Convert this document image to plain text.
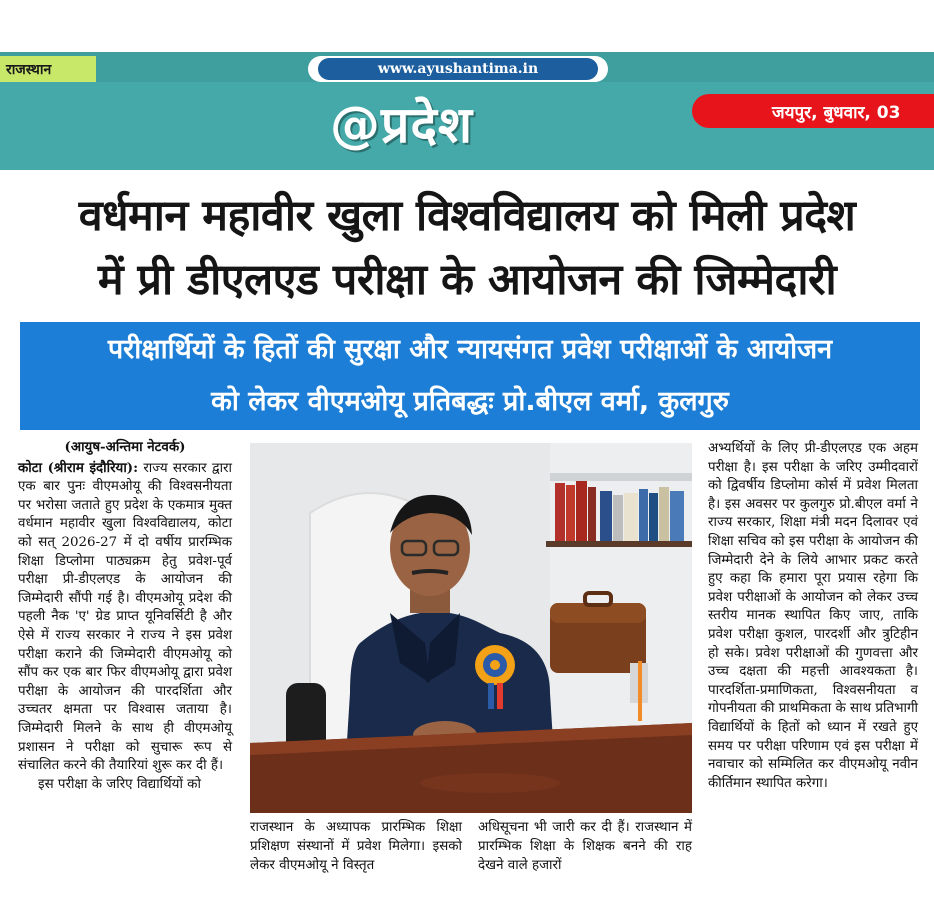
राजस्थान	www.ayushantima.in
@प्रदेश	जयपुर, बुधवार, 03
वर्धमान महावीर खुला विश्वविद्यालय को मिली प्रदेश
में प्री डीएलएड परीक्षा के आयोजन की जिम्मेदारी
परीक्षार्थियों के हितों की सुरक्षा और न्यायसंगत प्रवेश परीक्षाओं के आयोजन
को लेकर वीएमओयू प्रतिबद्धः प्रो.बीएल वर्मा, कुलगुरु
(आयुष-अन्तिमा नेटवर्क)

कोटा (श्रीराम इंदौरिया): राज्य सरकार द्वारा एक बार पुनः वीएमओयू की विश्वसनीयता पर भरोसा जताते हुए प्रदेश के एकमात्र मुक्त वर्धमान महावीर खुला विश्वविद्यालय, कोटा को सत् 2026-27 में दो वर्षीय प्रारम्भिक शिक्षा डिप्लोमा पाठ्यक्रम हेतु प्रवेश-पूर्व परीक्षा प्री-डीएलएड के आयोजन की जिम्मेदारी सौंपी गई है। वीएमओयू प्रदेश की पहली नैक 'ए' ग्रेड प्राप्त यूनिवर्सिटी है और ऐसे में राज्य सरकार ने राज्य ने इस प्रवेश परीक्षा कराने की जिम्मेदारी वीएमओयू को सौंप कर एक बार फिर वीएमओयू द्वारा प्रवेश परीक्षा के आयोजन की पारदर्शिता और उच्चतर क्षमता पर विश्वास जताया है। जिम्मेदारी मिलने के साथ ही वीएमओयू प्रशासन ने परीक्षा को सुचारू रूप से संचालित करने की तैयारियां शुरू कर दी हैं।

इस परीक्षा के जरिए विद्यार्थियों को

राजस्थान के अध्यापक प्रारम्भिक शिक्षा प्रशिक्षण संस्थानों में प्रवेश मिलेगा। इसको लेकर वीएमओयू ने विस्तृत
अधिसूचना भी जारी कर दी हैं। राजस्थान में प्रारम्भिक शिक्षा के शिक्षक बनने की राह देखने वाले हजारों

अभ्यर्थियों के लिए प्री-डीएलएड एक अहम परीक्षा है। इस परीक्षा के जरिए उम्मीदवारों को द्विवर्षीय डिप्लोमा कोर्स में प्रवेश मिलता है। इस अवसर पर कुलगुरु प्रो.बीएल वर्मा ने राज्य सरकार, शिक्षा मंत्री मदन दिलावर एवं शिक्षा सचिव को इस परीक्षा के आयोजन की जिम्मेदारी देने के लिये आभार प्रकट करते हुए कहा कि हमारा पूरा प्रयास रहेगा कि प्रवेश परीक्षाओं के आयोजन को लेकर उच्च स्तरीय मानक स्थापित किए जाए, ताकि प्रवेश परीक्षा कुशल, पारदर्शी और त्रुटिहीन हो सके। प्रवेश परीक्षाओं की गुणवत्ता और उच्च दक्षता की महत्ती आवश्यकता है। पारदर्शिता-प्रमाणिकता, विश्वसनीयता व गोपनीयता की प्राथमिकता के साथ प्रतिभागी विद्यार्थियों के हितों को ध्यान में रखते हुए समय पर परीक्षा परिणाम एवं इस परीक्षा में नवाचार को सम्मिलित कर वीएमओयू नवीन कीर्तिमान स्थापित करेगा।
